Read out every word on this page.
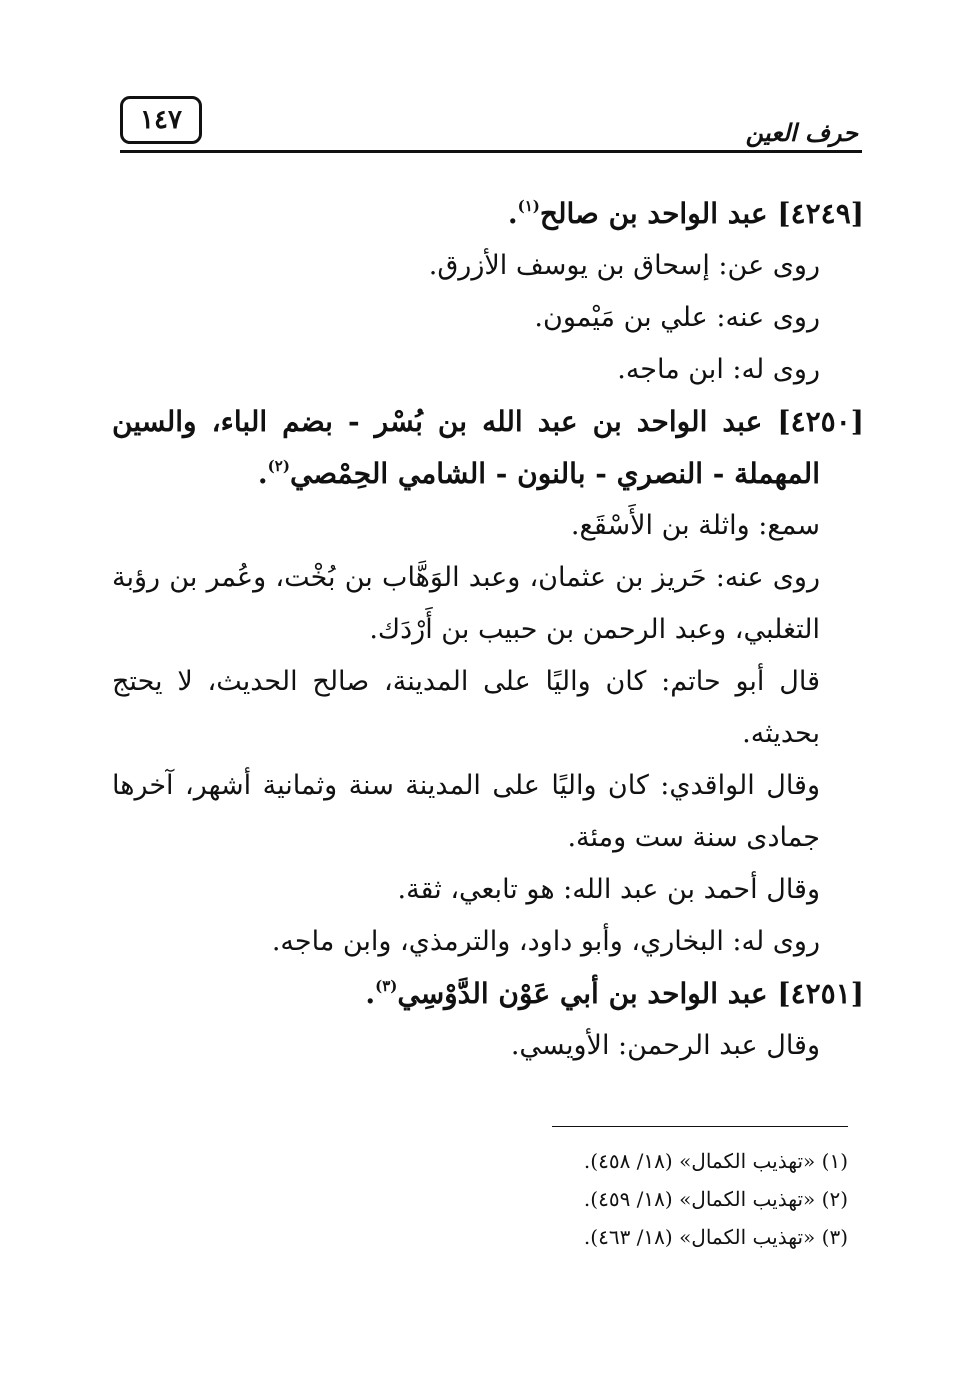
١٤٧	حرف العين

[٤٢٤٩] عبد الواحد بن صالح$^{(١)}$.

روى عن: إسحاق بن يوسف الأزرق.

روى عنه: علي بن مَيْمون.

روى له: ابن ماجه.

[٤٢٥٠] عبد الواحد بن عبد الله بن بُسْر - بضم الباء، والسين المهملة - النصري - بالنون - الشامي الحِمْصي$^{(٢)}$.

سمع: واثلة بن الأَسْقَع.

روى عنه: حَريز بن عثمان، وعبد الوَهَّاب بن بُخْت، وعُمر بن رؤبة التغلبي، وعبد الرحمن بن حبيب بن أَرْدَك.

قال أبو حاتم: كان واليًا على المدينة، صالح الحديث، لا يحتج بحديثه.

وقال الواقدي: كان واليًا على المدينة سنة وثمانية أشهر، آخرها جمادى سنة ست ومئة.

وقال أحمد بن عبد الله: هو تابعي، ثقة.

روى له: البخاري، وأبو داود، والترمذي، وابن ماجه.

[٤٢٥١] عبد الواحد بن أبي عَوْن الدَّوْسِي$^{(٣)}$.

وقال عبد الرحمن: الأويسي.

(١) «تهذيب الكمال» (١٨/ ٤٥٨).

(٢) «تهذيب الكمال» (١٨/ ٤٥٩).

(٣) «تهذيب الكمال» (١٨/ ٤٦٣).
